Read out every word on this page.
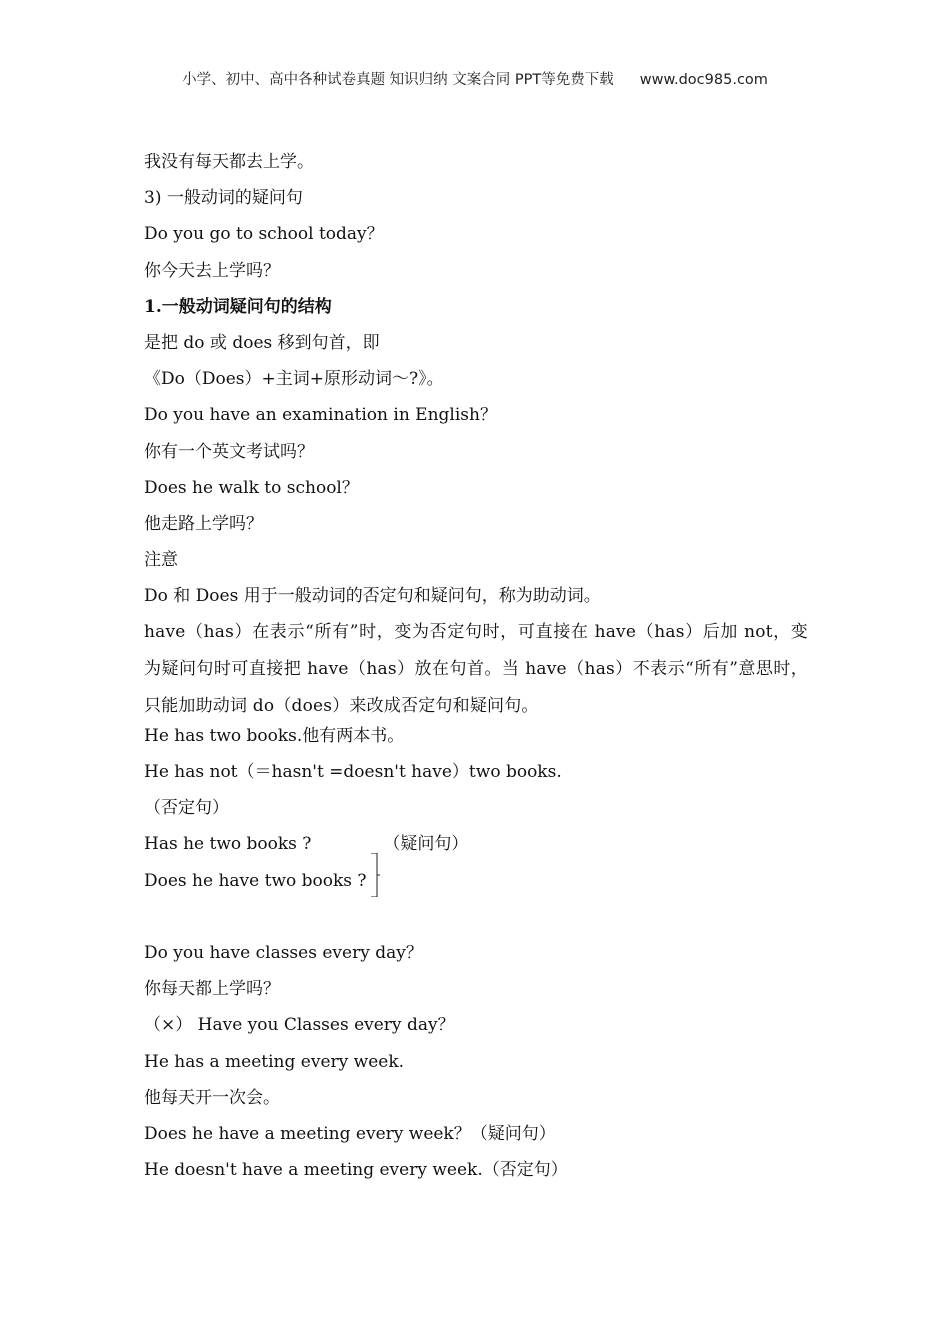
小学、初中、高中各种试卷真题 知识归纳 文案合同 PPT等免费下载 www.doc985.com
我没有每天都去上学。
3) 一般动词的疑问句
Do you go to school today？
你今天去上学吗？
1.一般动词疑问句的结构
是把 do 或 does 移到句首，即
《Do（Does）+主词+原形动词～?》。
Do you have an examination in English？
你有一个英文考试吗？
Does he walk to school？
他走路上学吗？
注意
Do 和 Does 用于一般动词的否定句和疑问句，称为助动词。
have（has）在表示“所有”时，变为否定句时，可直接在 have（has）后加 not，变为疑问句时可直接把 have（has）放在句首。当 have（has）不表示“所有”意思时，只能加助动词 do（does）来改成否定句和疑问句。
He has two books.他有两本书。
He has not（＝hasn't =doesn't have）two books.
（否定句）
Has he two books ?	（疑问句）
Does he have two books ?
Do you have classes every day？
你每天都上学吗？
（×） Have you Classes every day？
He has a meeting every week.
他每天开一次会。
Does he have a meeting every week？（疑问句）
He doesn't have a meeting every week.（否定句）
